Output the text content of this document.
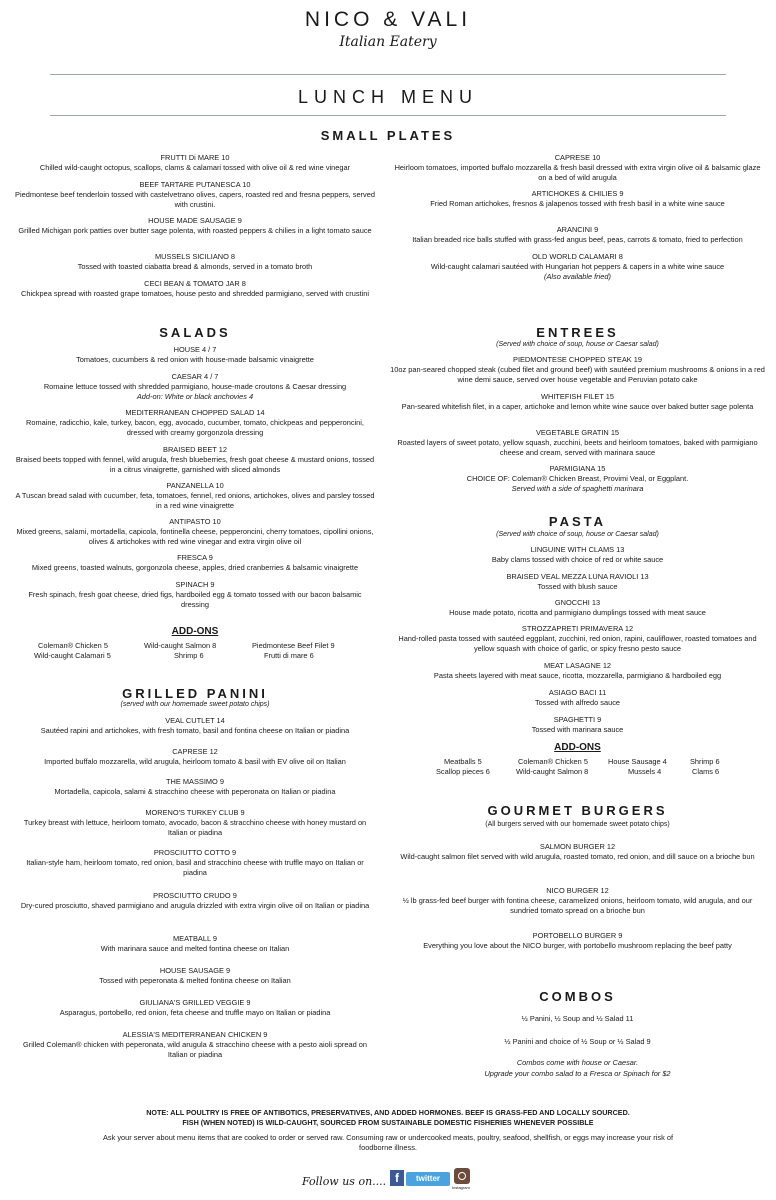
NICO & VALI
Italian Eatery
LUNCH MENU
SMALL PLATES
FRUTTI Di MARE 10
Chilled wild-caught octopus, scallops, clams & calamari tossed with olive oil & red wine vinegar
BEEF TARTARE PUTANESCA 10
Piedmontese beef tenderloin tossed with castelvetrano olives, capers, roasted red and fresna peppers, served with crustini.
HOUSE MADE SAUSAGE 9
Grilled Michigan pork patties over butter sage polenta, with roasted peppers & chilies in a light tomato sauce
MUSSELS SICILIANO 8
Tossed with toasted ciabatta bread & almonds, served in a tomato broth
CECI BEAN & TOMATO JAR 8
Chickpea spread with roasted grape tomatoes, house pesto and shredded parmigiano, served with crustini
CAPRESE 10
Heirloom tomatoes, imported buffalo mozzarella & fresh basil dressed with extra virgin olive oil & balsamic glaze on a bed of wild arugula
ARTICHOKES & CHILIES 9
Fried Roman artichokes, fresnos & jalapenos tossed with fresh basil in a white wine sauce
ARANCINI 9
Italian breaded rice balls stuffed with grass-fed angus beef, peas, carrots & tomato, fried to perfection
OLD WORLD CALAMARI 8
Wild-caught calamari sautéed with Hungarian hot peppers & capers in a white wine sauce
(Also available fried)
SALADS
HOUSE 4 / 7
Tomatoes, cucumbers & red onion with house-made balsamic vinaigrette
CAESAR 4 / 7
Romaine lettuce tossed with shredded parmigiano, house-made croutons & Caesar dressing
Add-on: White or black anchovies 4
MEDITERRANEAN CHOPPED SALAD 14
Romaine, radicchio, kale, turkey, bacon, egg, avocado, cucumber, tomato, chickpeas and pepperoncini, dressed with creamy gorgonzola dressing
BRAISED BEET 12
Braised beets topped with fennel, wild arugula, fresh blueberries, fresh goat cheese & mustard onions, tossed in a citrus vinaigrette, garnished with sliced almonds
PANZANELLA 10
A Tuscan bread salad with cucumber, feta, tomatoes, fennel, red onions, artichokes, olives and parsley tossed in a red wine vinaigrette
ANTIPASTO 10
Mixed greens, salami, mortadella, capicola, fontinella cheese, pepperoncini, cherry tomatoes, cipollini onions, olives & artichokes with red wine vinegar and extra virgin olive oil
FRESCA 9
Mixed greens, toasted walnuts, gorgonzola cheese, apples, dried cranberries & balsamic vinaigrette
SPINACH 9
Fresh spinach, fresh goat cheese, dried figs, hardboiled egg & tomato tossed with our bacon balsamic dressing
ADD-ONS
Coleman® Chicken 5	Wild-caught Salmon 8	Piedmontese Beef Filet 9
Wild-caught Calamari 5	Shrimp 6	Frutti di mare 6
GRILLED PANINI
(served with our homemade sweet potato chips)
VEAL CUTLET 14
Sautéed rapini and artichokes, with fresh tomato, basil and fontina cheese on Italian or piadina
CAPRESE 12
Imported buffalo mozzarella, wild arugula, heirloom tomato & basil with EV olive oil on Italian
THE MASSIMO 9
Mortadella, capicola, salami & stracchino cheese with peperonata on Italian or piadina
MORENO'S TURKEY CLUB 9
Turkey breast with lettuce, heirloom tomato, avocado, bacon & stracchino cheese with honey mustard on Italian or piadina
PROSCIUTTO COTTO 9
Italian-style ham, heirloom tomato, red onion, basil and stracchino cheese with truffle mayo on Italian or piadina
PROSCIUTTO CRUDO 9
Dry-cured prosciutto, shaved parmigiano and arugula drizzled with extra virgin olive oil on Italian or piadina
MEATBALL 9
With marinara sauce and melted fontina cheese on Italian
HOUSE SAUSAGE 9
Tossed with peperonata & melted fontina cheese on Italian
GIULIANA'S GRILLED VEGGIE 9
Asparagus, portobello, red onion, feta cheese and truffle mayo on Italian or piadina
ALESSIA'S MEDITERRANEAN CHICKEN 9
Grilled Coleman® chicken with peperonata, wild arugula & stracchino cheese with a pesto aioli spread on Italian or piadina
ENTREES
(Served with choice of soup, house or Caesar salad)
PIEDMONTESE CHOPPED STEAK 19
10oz pan-seared chopped steak (cubed filet and ground beef) with sautéed premium mushrooms & onions in a red wine demi sauce, served over house vegetable and Peruvian potato cake
WHITEFISH FILET 15
Pan-seared whitefish filet, in a caper, artichoke and lemon white wine sauce over baked butter sage polenta
VEGETABLE GRATIN 15
Roasted layers of sweet potato, yellow squash, zucchini, beets and heirloom tomatoes, baked with parmigiano cheese and cream, served with marinara sauce
PARMIGIANA 15
CHOICE OF: Coleman® Chicken Breast, Provimi Veal, or Eggplant.
Served with a side of spaghetti marinara
PASTA
(Served with choice of soup, house or Caesar salad)
LINGUINE WITH CLAMS 13
Baby clams tossed with choice of red or white sauce
BRAISED VEAL MEZZA LUNA RAVIOLI 13
Tossed with blush sauce
GNOCCHI 13
House made potato, ricotta and parmigiano dumplings tossed with meat sauce
STROZZAPRETI PRIMAVERA 12
Hand-rolled pasta tossed with sautéed eggplant, zucchini, red onion, rapini, cauliflower, roasted tomatoes and yellow squash with choice of garlic, or spicy fresno pesto sauce
MEAT LASAGNE 12
Pasta sheets layered with meat sauce, ricotta, mozzarella, parmigiano & hardboiled egg
ASIAGO BACI 11
Tossed with alfredo sauce
SPAGHETTI 9
Tossed with marinara sauce
ADD-ONS
Meatballs 5	Coleman® Chicken 5	House Sausage 4	Shrimp 6
Scallop pieces 6	Wild-caught Salmon 8	Mussels 4	Clams 6
GOURMET BURGERS
(All burgers served with our homemade sweet potato chips)
SALMON BURGER 12
Wild-caught salmon filet served with wild arugula, roasted tomato, red onion, and dill sauce on a brioche bun
NICO BURGER 12
½ lb grass-fed beef burger with fontina cheese, caramelized onions, heirloom tomato, wild arugula, and our sundried tomato spread on a brioche bun
PORTOBELLO BURGER 9
Everything you love about the NICO burger, with portobello mushroom replacing the beef patty
COMBOS
½ Panini, ½ Soup and ½ Salad 11
½ Panini and choice of ½ Soup or ½ Salad 9
Combos come with house or Caesar.
Upgrade your combo salad to a Fresca or Spinach for $2
NOTE: ALL POULTRY IS FREE OF ANTIBOTICS, PRESERVATIVES, AND ADDED HORMONES. BEEF IS GRASS-FED AND LOCALLY SOURCED.
FISH (WHEN NOTED) IS WILD-CAUGHT, SOURCED FROM SUSTAINABLE DOMESTIC FISHERIES WHENEVER POSSIBLE
Ask your server about menu items that are cooked to order or served raw. Consuming raw or undercooked meats, poultry, seafood, shellfish, or eggs may increase your risk of foodborne illness.
Follow us on.... f	twitter
Instagram
